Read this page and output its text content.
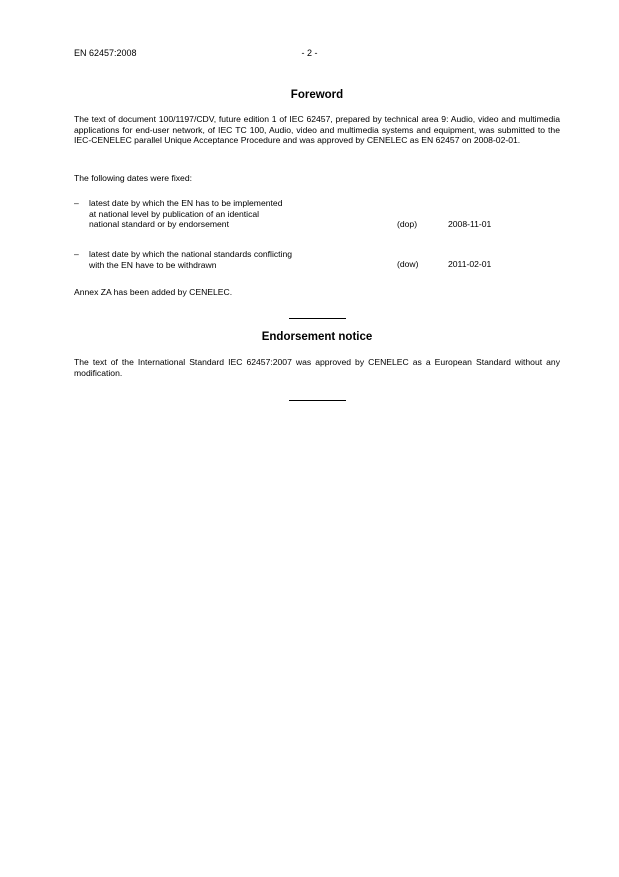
EN 62457:2008	- 2 -
Foreword
The text of document 100/1197/CDV, future edition 1 of IEC 62457, prepared by technical area 9: Audio, video and multimedia applications for end-user network, of IEC TC 100, Audio, video and multimedia systems and equipment, was submitted to the IEC-CENELEC parallel Unique Acceptance Procedure and was approved by CENELEC as EN 62457 on 2008-02-01.
The following dates were fixed:
– latest date by which the EN has to be implemented
at national level by publication of an identical
national standard or by endorsement	(dop)	2008-11-01
– latest date by which the national standards conflicting
with the EN have to be withdrawn	(dow)	2011-02-01
Annex ZA has been added by CENELEC.
Endorsement notice
The text of the International Standard IEC 62457:2007 was approved by CENELEC as a European Standard without any modification.
